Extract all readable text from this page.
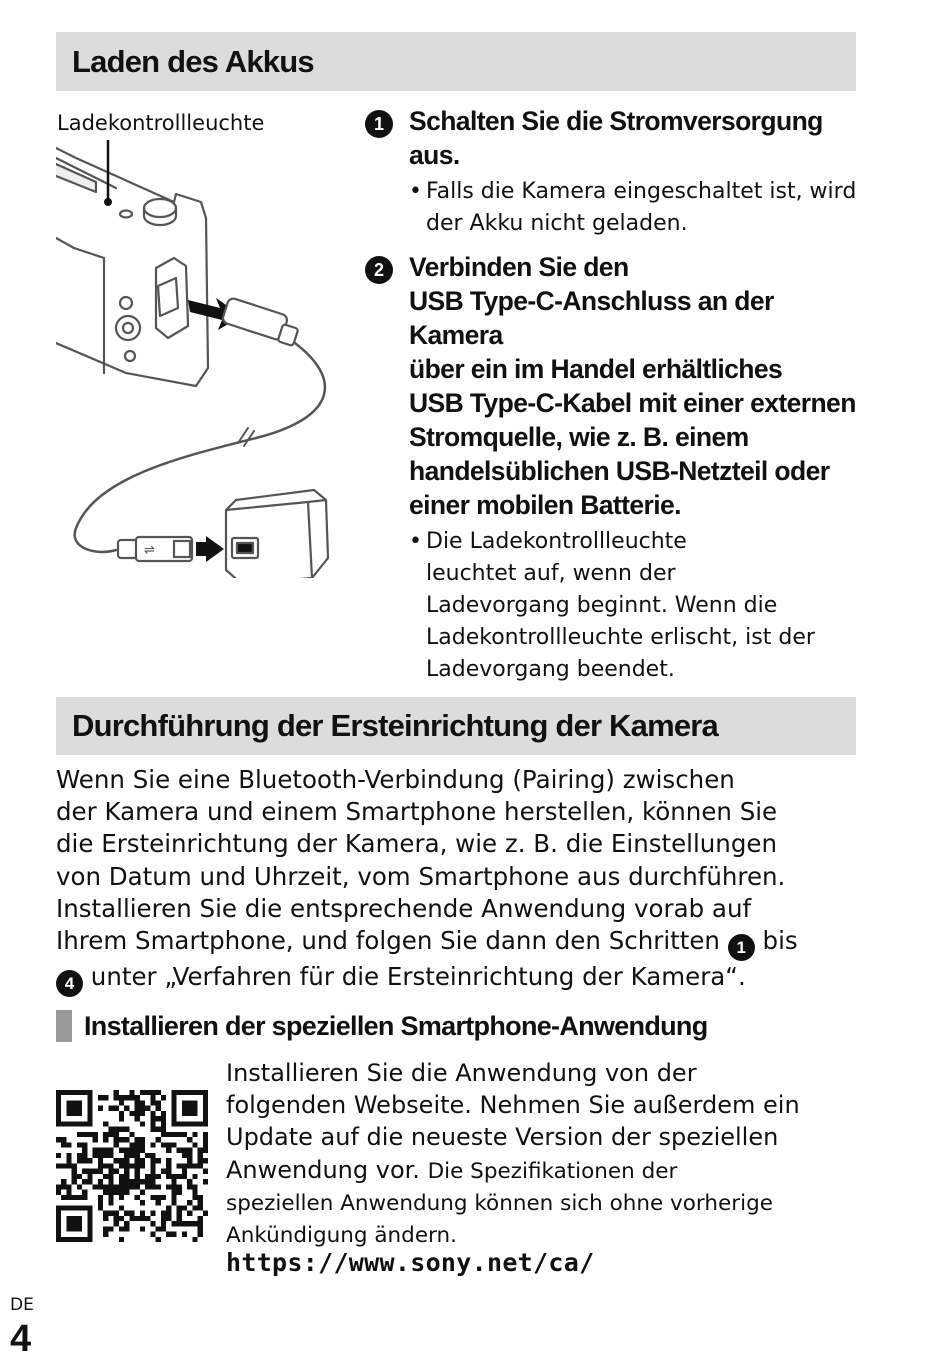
Laden des Akkus
Ladekontrollleuchte
⇌
1 Schalten Sie die Stromversorgung aus.
• Falls die Kamera eingeschaltet ist, wird der Akku nicht geladen.
2 Verbinden Sie den
USB Type-C-Anschluss an der Kamera
über ein im Handel erhältliches
USB Type-C-Kabel mit einer externen
Stromquelle, wie z. B. einem
handelsüblichen USB-Netzteil oder
einer mobilen Batterie.
• Die Ladekontrollleuchte
leuchtet auf, wenn der
Ladevorgang beginnt. Wenn die
Ladekontrollleuchte erlischt, ist der
Ladevorgang beendet.
Durchführung der Ersteinrichtung der Kamera
Wenn Sie eine Bluetooth-Verbindung (Pairing) zwischen
der Kamera und einem Smartphone herstellen, können Sie
die Ersteinrichtung der Kamera, wie z. B. die Einstellungen
von Datum und Uhrzeit, vom Smartphone aus durchführen.
Installieren Sie die entsprechende Anwendung vorab auf
Ihrem Smartphone, und folgen Sie dann den Schritten 1 bis
4 unter „Verfahren für die Ersteinrichtung der Kamera“.
Installieren der speziellen Smartphone-Anwendung
Installieren Sie die Anwendung von der
folgenden Webseite. Nehmen Sie außerdem ein
Update auf die neueste Version der speziellen
Anwendung vor. Die Spezifikationen der
speziellen Anwendung können sich ohne vorherige
Ankündigung ändern.
https://www.sony.net/ca/
DE
4
